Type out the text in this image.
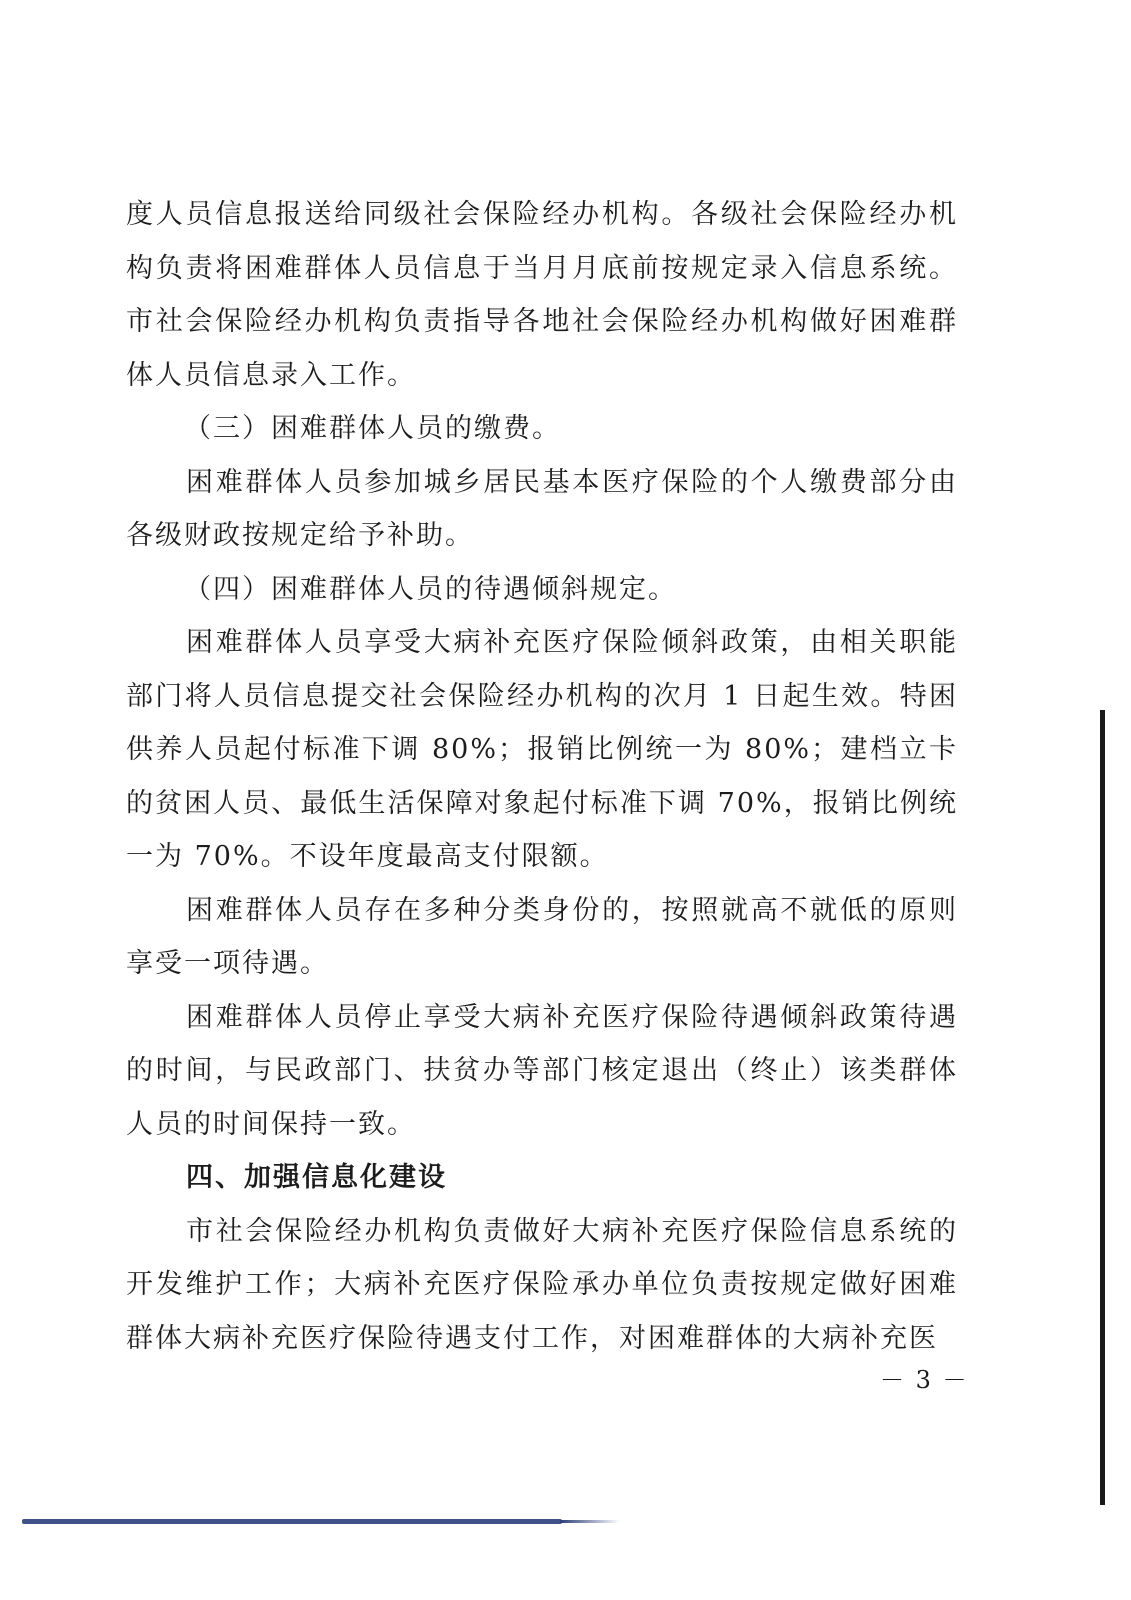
度人员信息报送给同级社会保险经办机构。各级社会保险经办机构负责将困难群体人员信息于当月月底前按规定录入信息系统。市社会保险经办机构负责指导各地社会保险经办机构做好困难群体人员信息录入工作。

（三）困难群体人员的缴费。

困难群体人员参加城乡居民基本医疗保险的个人缴费部分由各级财政按规定给予补助。

（四）困难群体人员的待遇倾斜规定。

困难群体人员享受大病补充医疗保险倾斜政策，由相关职能部门将人员信息提交社会保险经办机构的次月 1 日起生效。特困供养人员起付标准下调 80%；报销比例统一为 80%；建档立卡的贫困人员、最低生活保障对象起付标准下调 70%，报销比例统一为 70%。不设年度最高支付限额。

困难群体人员存在多种分类身份的，按照就高不就低的原则享受一项待遇。

困难群体人员停止享受大病补充医疗保险待遇倾斜政策待遇的时间，与民政部门、扶贫办等部门核定退出（终止）该类群体人员的时间保持一致。

四、加强信息化建设

市社会保险经办机构负责做好大病补充医疗保险信息系统的开发维护工作；大病补充医疗保险承办单位负责按规定做好困难群体大病补充医疗保险待遇支付工作，对困难群体的大病补充医

－ 3 －
